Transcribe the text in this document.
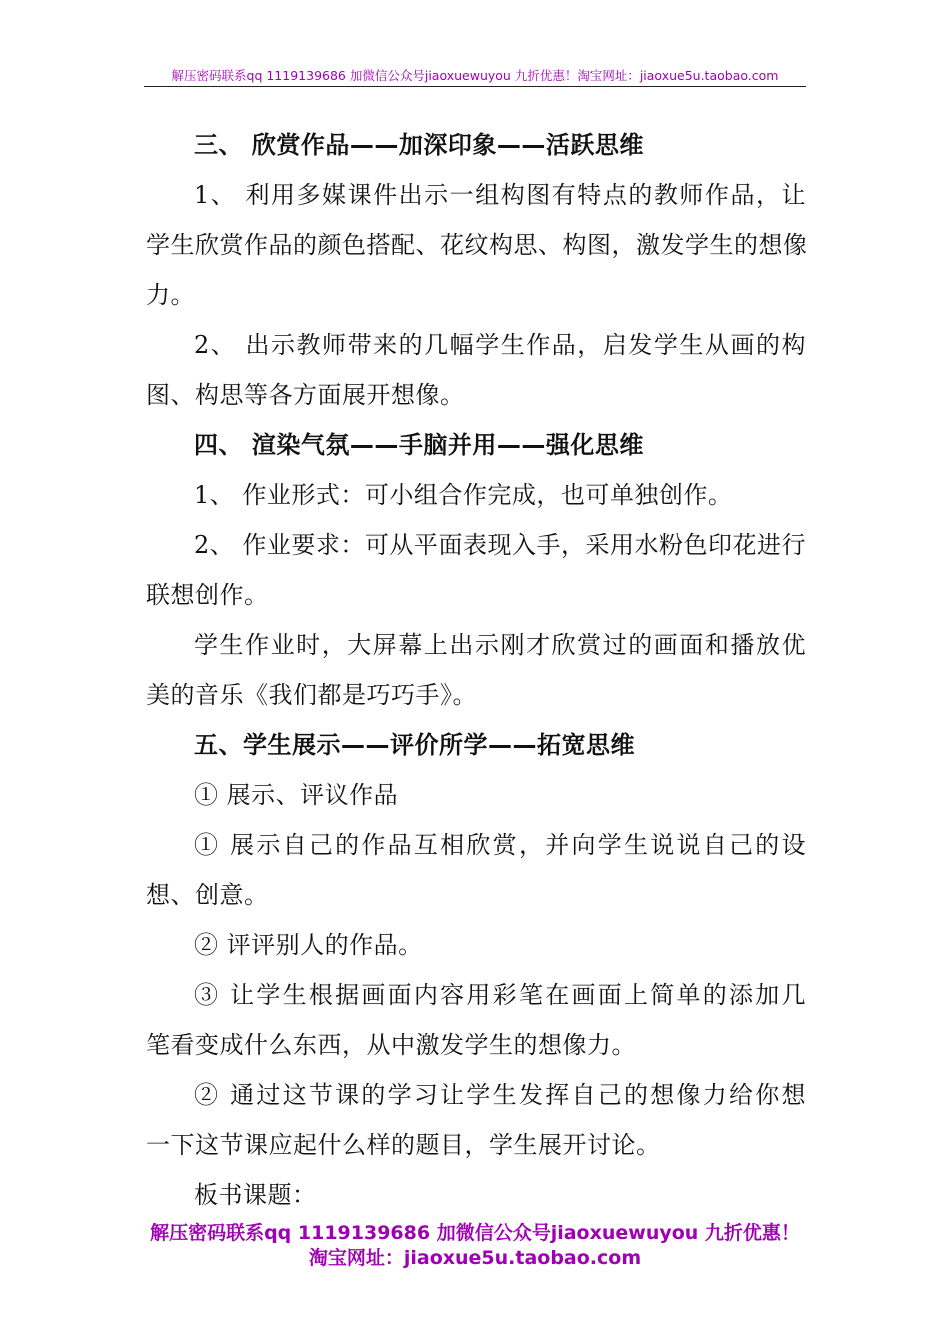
解压密码联系qq 1119139686 加微信公众号jiaoxuewuyou 九折优惠！淘宝网址：jiaoxue5u.taobao.com
三、 欣赏作品——加深印象——活跃思维
1、 利用多媒课件出示一组构图有特点的教师作品，让
学生欣赏作品的颜色搭配、花纹构思、构图，激发学生的想像
力。
2、 出示教师带来的几幅学生作品，启发学生从画的构
图、构思等各方面展开想像。
四、 渲染气氛——手脑并用——强化思维
1、 作业形式：可小组合作完成，也可单独创作。
2、 作业要求：可从平面表现入手，采用水粉色印花进行
联想创作。
学生作业时，大屏幕上出示刚才欣赏过的画面和播放优
美的音乐《我们都是巧巧手》。
五、学生展示——评价所学——拓宽思维
① 展示、评议作品
① 展示自己的作品互相欣赏，并向学生说说自己的设
想、创意。
② 评评别人的作品。
③ 让学生根据画面内容用彩笔在画面上简单的添加几
笔看变成什么东西，从中激发学生的想像力。
② 通过这节课的学习让学生发挥自己的想像力给你想
一下这节课应起什么样的题目，学生展开讨论。
板书课题：
解压密码联系qq 1119139686 加微信公众号jiaoxuewuyou 九折优惠！
淘宝网址：jiaoxue5u.taobao.com
